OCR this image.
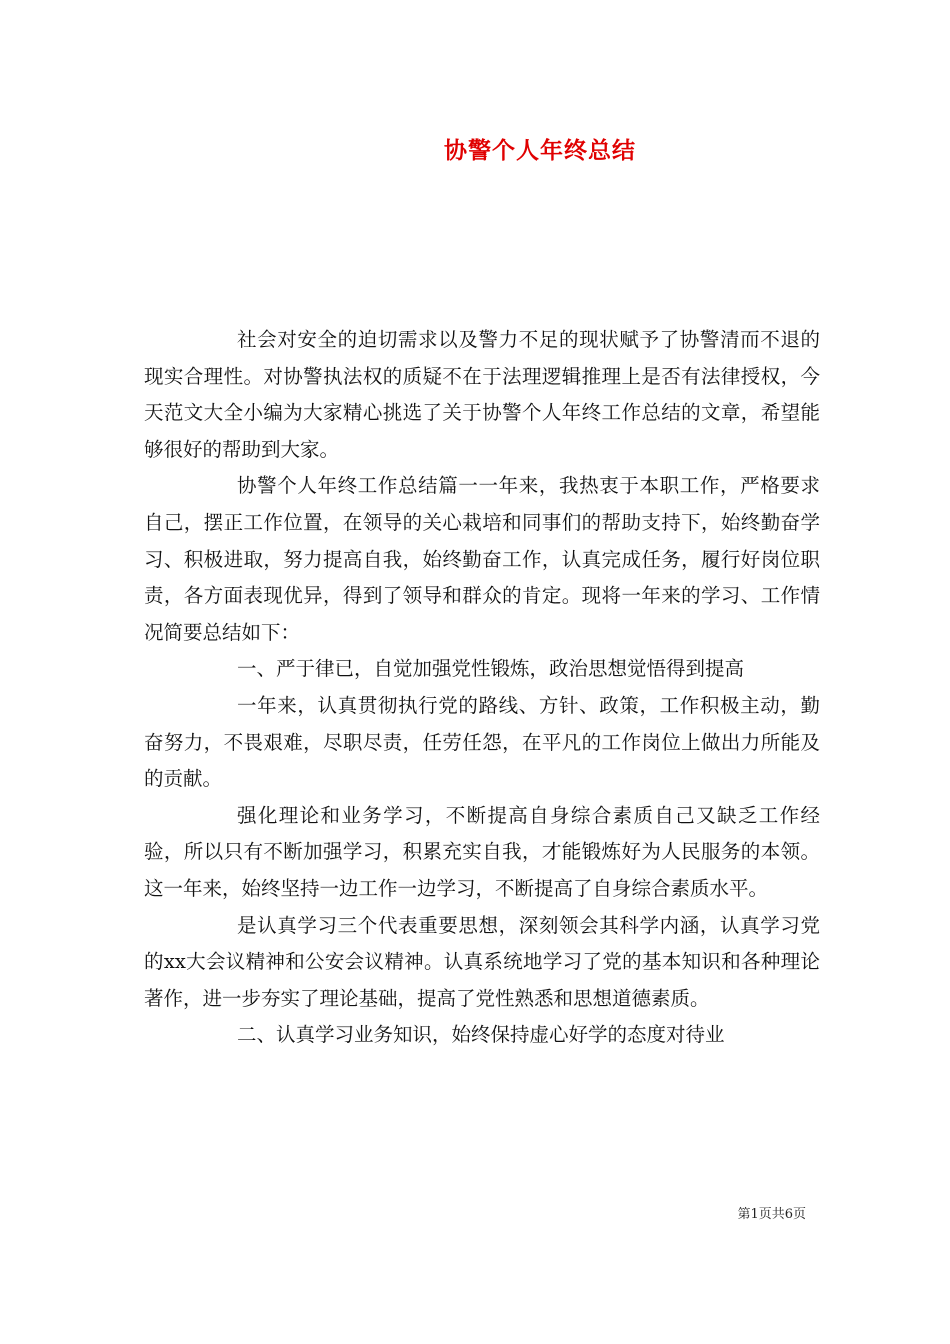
协警个人年终总结

社会对安全的迫切需求以及警力不足的现状赋予了协警清而不退的现实合理性。对协警执法权的质疑不在于法理逻辑推理上是否有法律授权，今天范文大全小编为大家精心挑选了关于协警个人年终工作总结的文章，希望能够很好的帮助到大家。

协警个人年终工作总结篇一一年来，我热衷于本职工作，严格要求自己，摆正工作位置，在领导的关心栽培和同事们的帮助支持下，始终勤奋学习、积极进取，努力提高自我，始终勤奋工作，认真完成任务，履行好岗位职责，各方面表现优异，得到了领导和群众的肯定。现将一年来的学习、工作情况简要总结如下：

一、严于律已，自觉加强党性锻炼，政治思想觉悟得到提高

一年来，认真贯彻执行党的路线、方针、政策，工作积极主动，勤奋努力，不畏艰难，尽职尽责，任劳任怨，在平凡的工作岗位上做出力所能及的贡献。

强化理论和业务学习，不断提高自身综合素质自己又缺乏工作经验，所以只有不断加强学习，积累充实自我，才能锻炼好为人民服务的本领。这一年来，始终坚持一边工作一边学习，不断提高了自身综合素质水平。

是认真学习三个代表重要思想，深刻领会其科学内涵，认真学习党的xx大会议精神和公安会议精神。认真系统地学习了党的基本知识和各种理论著作，进一步夯实了理论基础，提高了党性熟悉和思想道德素质。

二、认真学习业务知识，始终保持虚心好学的态度对待业

第1页共6页
